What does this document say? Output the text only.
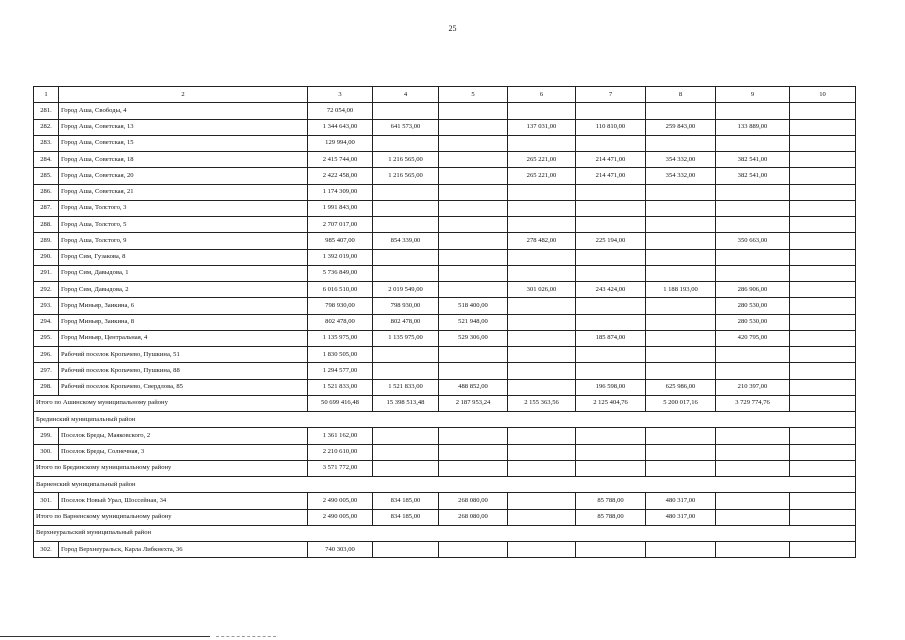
25
1	2	3	4	5	6	7	8	9	10
281.	Город Аша, Свободы, 4	72 054,00							
282.	Город Аша, Советская, 13	1 344 643,00	641 573,00		137 031,00	110 810,00	259 843,00	133 889,00	
283.	Город Аша, Советская, 15	129 994,00							
284.	Город Аша, Советская, 18	2 415 744,00	1 216 565,00		265 221,00	214 471,00	354 332,00	382 541,00	
285.	Город Аша, Советская, 20	2 422 458,00	1 216 565,00		265 221,00	214 471,00	354 332,00	382 541,00	
286.	Город Аша, Советская, 21	1 174 309,00							
287.	Город Аша, Толстого, 3	1 991 843,00							
288.	Город Аша, Толстого, 5	2 707 017,00							
289.	Город Аша, Толстого, 9	985 407,00	854 339,00		278 482,00	225 194,00		350 663,00	
290.	Город Сим, Гузакова, 8	1 392 019,00							
291.	Город Сим, Давыдова, 1	5 736 849,00							
292.	Город Сим, Давыдова, 2	6 016 510,00	2 019 549,00		301 026,00	243 424,00	1 188 193,00	286 906,00	
293.	Город Миньяр, Заикина, 6	798 930,00	798 930,00	518 400,00				280 530,00	
294.	Город Миньяр, Заикина, 8	802 478,00	802 478,00	521 948,00				280 530,00	
295.	Город Миньяр, Центральная, 4	1 135 975,00	1 135 975,00	529 306,00		185 874,00		420 795,00	
296.	Рабочий поселок Кропачево, Пушкина, 51	1 830 505,00							
297.	Рабочий поселок Кропачево, Пушкина, 88	1 294 577,00							
298.	Рабочий поселок Кропачево, Свердлова, 85	1 521 833,00	1 521 833,00	488 852,00		196 598,00	625 986,00	210 397,00	
Итого по Ашинскому муниципальному району		50 699 416,48	15 398 513,48	2 187 953,24	2 155 363,56	2 125 404,76	5 200 017,16	3 729 774,76	
Брединский муниципальный район									
299.	Поселок Бреды, Маяковского, 2	1 361 162,00							
300.	Поселок Бреды, Солнечная, 3	2 210 610,00							
Итого по Брединскому муниципальному району		3 571 772,00							
Варненский муниципальный район									
301.	Поселок Новый Урал, Шоссейная, 34	2 490 005,00	834 185,00	268 080,00		85 788,00	480 317,00		
Итого по Варненскому муниципальному району		2 490 005,00	834 185,00	268 080,00		85 788,00	480 317,00		
Верхнеуральский муниципальный район									
302.	Город Верхнеуральск, Карла Либкнехта, 36	740 303,00							
